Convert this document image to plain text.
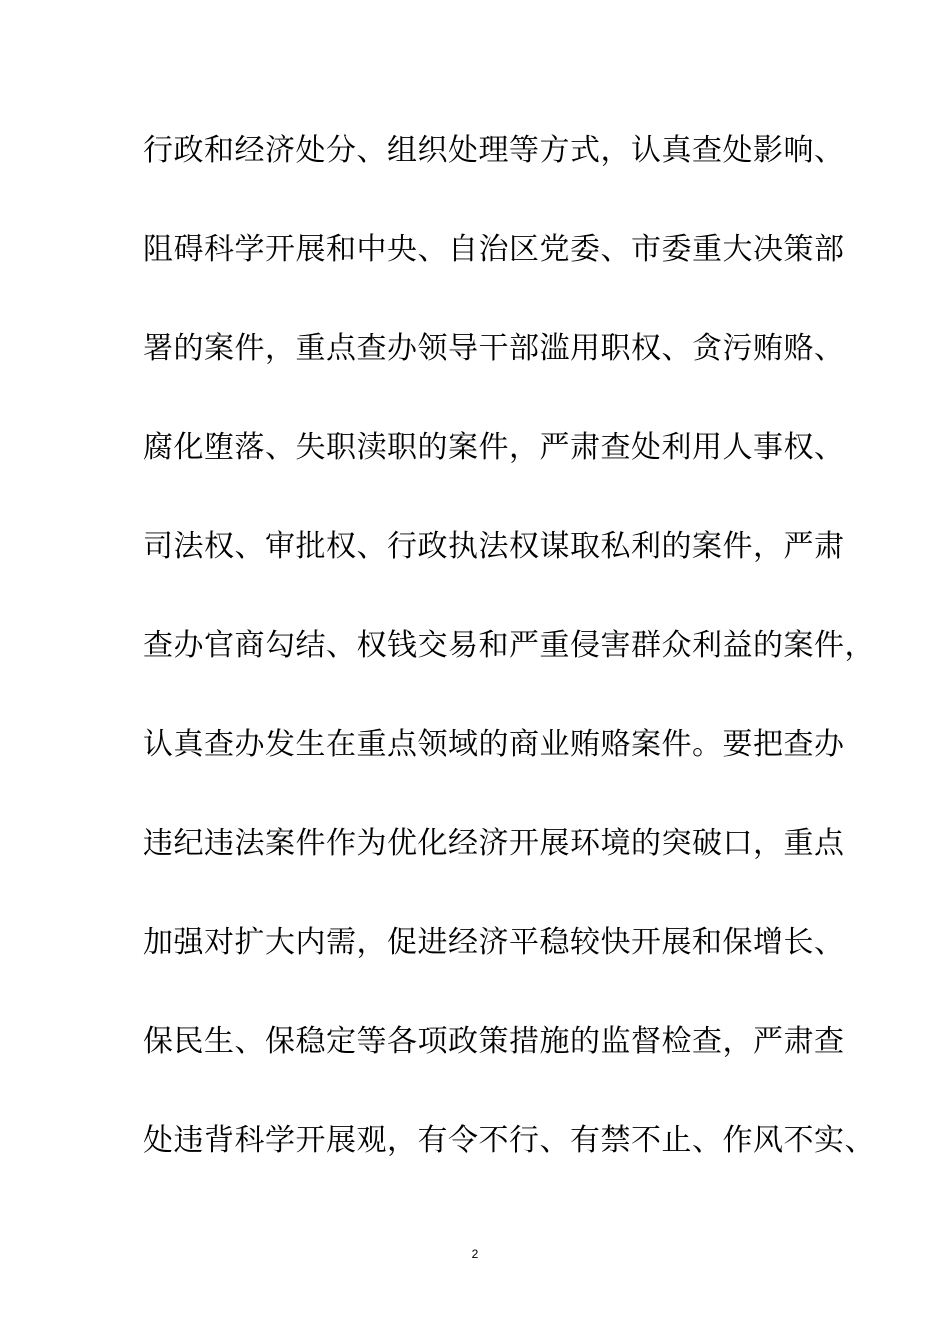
行政和经济处分、组织处理等方式，认真查处影响、
阻碍科学开展和中央、自治区党委、市委重大决策部
署的案件，重点查办领导干部滥用职权、贪污贿赂、
腐化堕落、失职渎职的案件，严肃查处利用人事权、
司法权、审批权、行政执法权谋取私利的案件，严肃
查办官商勾结、权钱交易和严重侵害群众利益的案件，
认真查办发生在重点领域的商业贿赂案件。要把查办
违纪违法案件作为优化经济开展环境的突破口，重点
加强对扩大内需，促进经济平稳较快开展和保增长、
保民生、保稳定等各项政策措施的监督检查，严肃查
处违背科学开展观，有令不行、有禁不止、作风不实、
2
